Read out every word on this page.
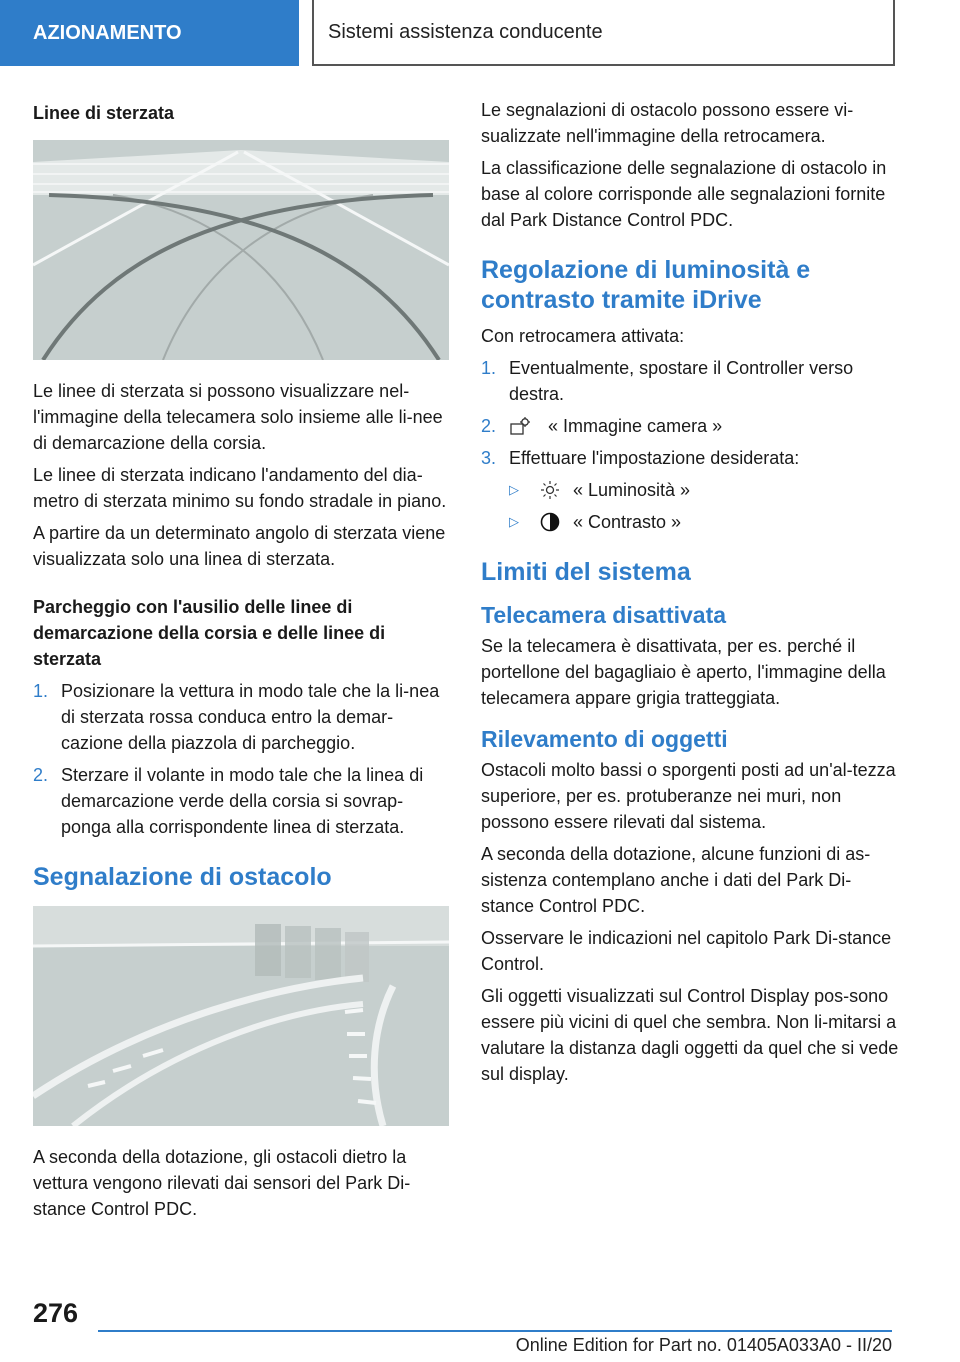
AZIONAMENTO	Sistemi assistenza conducente
Linee di sterzata

Le linee di sterzata si possono visualizzare nel-l'immagine della telecamera solo insieme alle li-nee di demarcazione della corsia.

Le linee di sterzata indicano l'andamento del dia-metro di sterzata minimo su fondo stradale in piano.

A partire da un determinato angolo di sterzata viene visualizzata solo una linea di sterzata.

Parcheggio con l'ausilio delle linee di demarcazione della corsia e delle linee di sterzata
1. Posizionare la vettura in modo tale che la li-nea di sterzata rossa conduca entro la demar-cazione della piazzola di parcheggio.
2. Sterzare il volante in modo tale che la linea di demarcazione verde della corsia si sovrap-ponga alla corrispondente linea di sterzata.
Segnalazione di ostacolo

A seconda della dotazione, gli ostacoli dietro la vettura vengono rilevati dai sensori del Park Di-stance Control PDC.

Le segnalazioni di ostacolo possono essere vi-sualizzate nell'immagine della retrocamera.

La classificazione delle segnalazione di ostacolo in base al colore corrisponde alle segnalazioni fornite dal Park Distance Control PDC.

Regolazione di luminosità e contrasto tramite iDrive

Con retrocamera attivata:

1. Eventualmente, spostare il Controller verso destra.
2.	« Immagine camera »
3. Effettuare l'impostazione desiderata:
▷	« Luminosità »
▷	« Contrasto »
Limiti del sistema
Telecamera disattivata

Se la telecamera è disattivata, per es. perché il portellone del bagagliaio è aperto, l'immagine della telecamera appare grigia tratteggiata.

Rilevamento di oggetti

Ostacoli molto bassi o sporgenti posti ad un'al-tezza superiore, per es. protuberanze nei muri, non possono essere rilevati dal sistema.

A seconda della dotazione, alcune funzioni di as-sistenza contemplano anche i dati del Park Di-stance Control PDC.

Osservare le indicazioni nel capitolo Park Di-stance Control.

Gli oggetti visualizzati sul Control Display pos-sono essere più vicini di quel che sembra. Non li-mitarsi a valutare la distanza dagli oggetti da quel che si vede sul display.

276
Online Edition for Part no. 01405A033A0 - II/20
